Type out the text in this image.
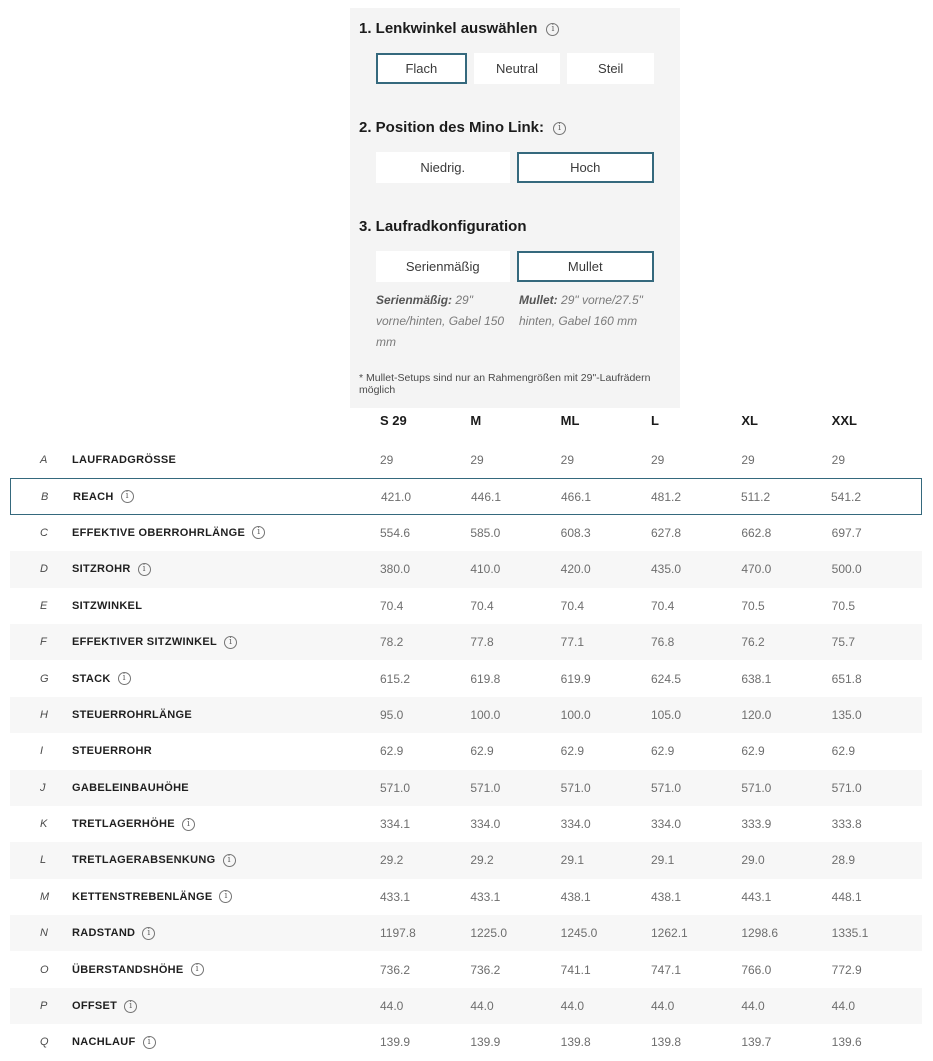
1. Lenkwinkel auswählen	i
Flach	Neutral	Steil
2. Position des Mino Link:	i
Niedrig.	Hoch
3. Laufradkonfiguration
Serienmäßig	Mullet
Serienmäßig: 29" vorne/hinten, Gabel 150 mm
Mullet: 29" vorne/27.5" hinten, Gabel 160 mm
* Mullet-Setups sind nur an Rahmengrößen mit 29"-Laufrädern möglich
S 29	M	ML	L	XL	XXL
A	LAUFRADGRÖSSE	29	29	29	29	29	29
B	REACH	i	421.0	446.1	466.1	481.2	511.2	541.2
C	EFFEKTIVE OBERROHRLÄNGE	i	554.6	585.0	608.3	627.8	662.8	697.7
D	SITZROHR	i	380.0	410.0	420.0	435.0	470.0	500.0
E	SITZWINKEL	70.4	70.4	70.4	70.4	70.5	70.5
F	EFFEKTIVER SITZWINKEL	i	78.2	77.8	77.1	76.8	76.2	75.7
G	STACK	i	615.2	619.8	619.9	624.5	638.1	651.8
H	STEUERROHRLÄNGE	95.0	100.0	100.0	105.0	120.0	135.0
I	STEUERROHR	62.9	62.9	62.9	62.9	62.9	62.9
J	GABELEINBAUHÖHE	571.0	571.0	571.0	571.0	571.0	571.0
K	TRETLAGERHÖHE	i	334.1	334.0	334.0	334.0	333.9	333.8
L	TRETLAGERABSENKUNG	i	29.2	29.2	29.1	29.1	29.0	28.9
M	KETTENSTREBENLÄNGE	i	433.1	433.1	438.1	438.1	443.1	448.1
N	RADSTAND	i	1197.8	1225.0	1245.0	1262.1	1298.6	1335.1
O	ÜBERSTANDSHÖHE	i	736.2	736.2	741.1	747.1	766.0	772.9
P	OFFSET	i	44.0	44.0	44.0	44.0	44.0	44.0
Q	NACHLAUF	i	139.9	139.9	139.8	139.8	139.7	139.6
